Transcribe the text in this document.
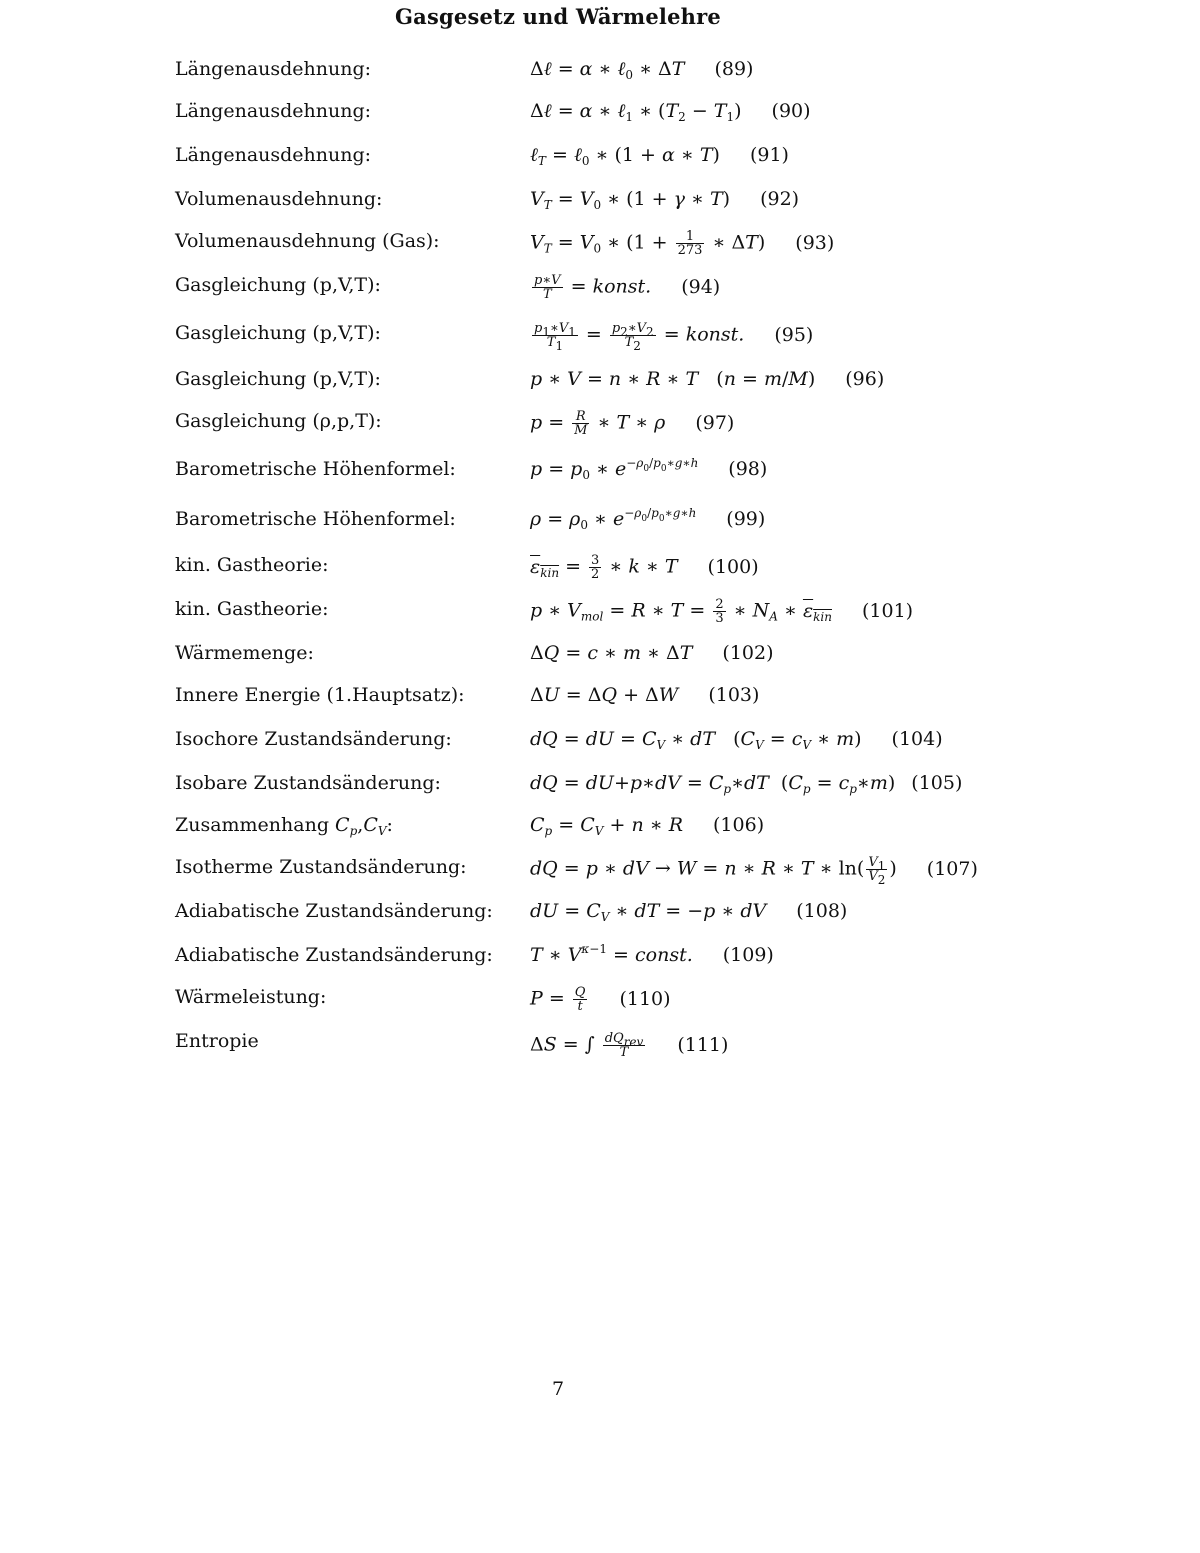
Gasgesetz und Wärmelehre
Längenausdehnung:	Δℓ = α ∗ ℓ$_0$ ∗ ΔT (89)
Längenausdehnung:	Δℓ = α ∗ ℓ$_1$ ∗ $(T_2 - T_1)$ (90)
Längenausdehnung:	ℓ$_T$ = ℓ$_0$ ∗ (1 + α ∗ T) (91)
Volumenausdehnung:	$V_T = V_0$ ∗ (1 + γ ∗ T) (92)
Volumenausdehnung (Gas):	$V_T = V_0$ ∗ ($1 + \frac{1}{273}$ ∗ ΔT) (93)
Gasgleichung (p,V,T):	$\frac{p∗V}{T}$ = konst. (94)
Gasgleichung (p,V,T):	$\frac{p_1∗V_1}{T_1} = \frac{p_2∗V_2}{T_2}$ = konst. (95)
Gasgleichung (p,V,T):	p ∗ V = n ∗ R ∗ T   (n = m/M) (96)
Gasgleichung (ρ,p,T):	$p = \frac{R}{M}$ ∗ T ∗ ρ (97)
Barometrische Höhenformel:	$p = p_0$ ∗ $e^{-\rho_0/p_0∗g∗h}$ (98)
Barometrische Höhenformel:	$\rho = \rho_0$ ∗ $e^{-\rho_0/p_0∗g∗h}$ (99)
kin. Gastheorie:	$\varepsilon_{kin} = \frac{3}{2}$ ∗ k ∗ T (100)
kin. Gastheorie:	p ∗ $V_{mol} = R$ ∗ $T = \frac{2}{3}$ ∗ $N_A$ ∗ $\varepsilon_{kin}$ (101)
Wärmemenge:	ΔQ = c ∗ m ∗ ΔT (102)
Innere Energie (1.Hauptsatz):	ΔU = ΔQ + ΔW (103)
Isochore Zustandsänderung:	dQ = dU = $C_V$ ∗ dT   ($C_V = c_V$ ∗ m) (104)
Isobare Zustandsänderung:	dQ = dU+p∗dV = $C_p∗dT$  ($C_p$ = $c_p∗m$) (105)
Zusammenhang $C_p,C_V$:	$C_p = C_V + n$ ∗ R (106)
Isotherme Zustandsänderung:	dQ = p ∗ dV → W = n ∗ R ∗ T ∗ $\ln( \frac{V_1}{V_2}$ ) (107)
Adiabatische Zustandsänderung: dU = $C_V$ ∗ dT = −p ∗ dV (108)
Adiabatische Zustandsänderung: T ∗ $V^{\kappa-1}$ = const. (109)
Wärmeleistung:	$P = \frac{Q}{t} (110)$
Entropie	ΔS = ∫ $\frac{dQ_{rev}}{T} (111)$
7
